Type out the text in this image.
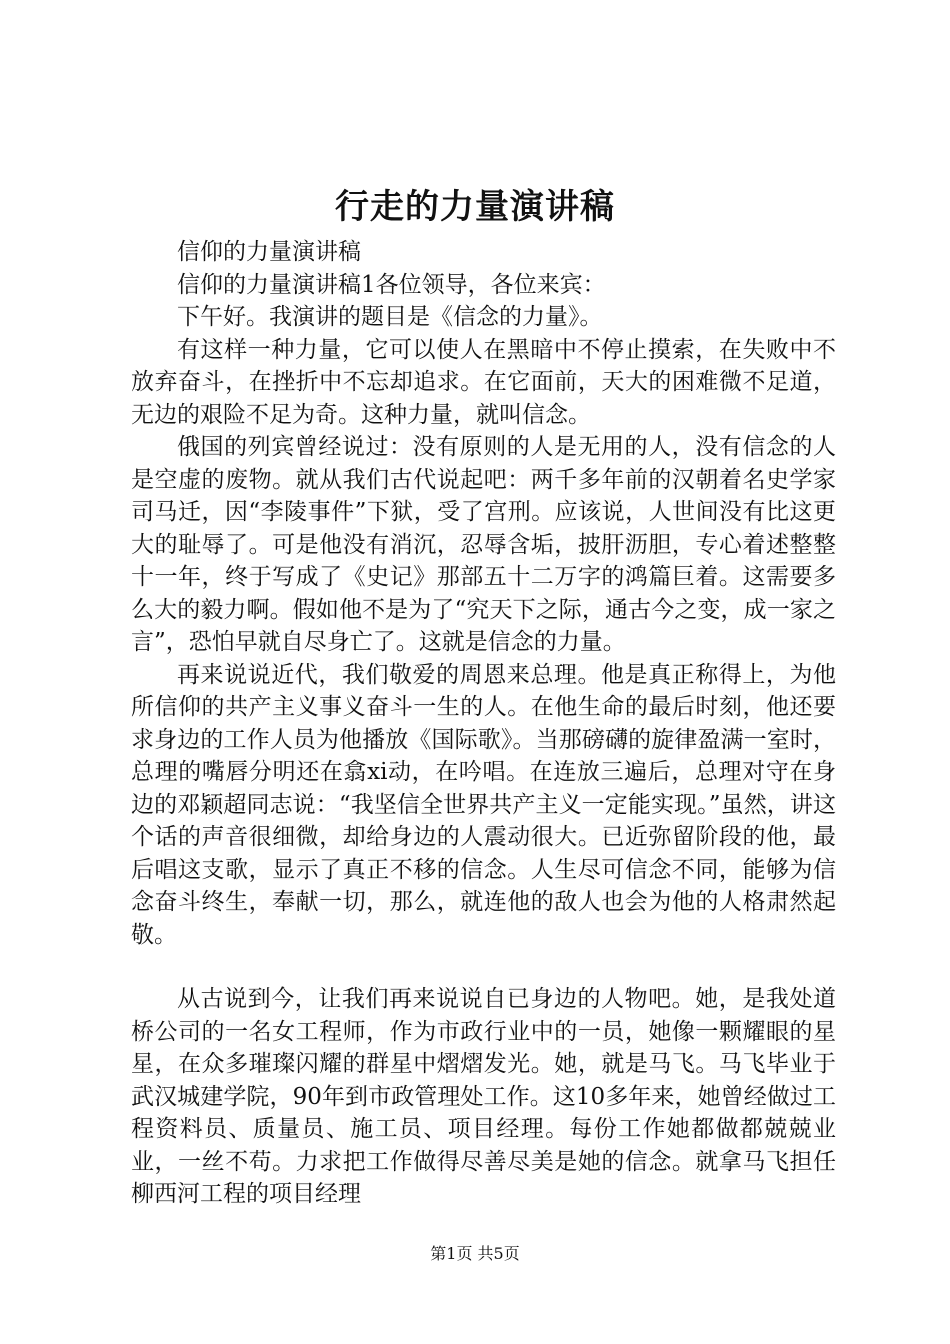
行走的力量演讲稿

信仰的力量演讲稿

信仰的力量演讲稿1各位领导，各位来宾：

下午好。我演讲的题目是《信念的力量》。

有这样一种力量，它可以使人在黑暗中不停止摸索，在失败中不放弃奋斗，在挫折中不忘却追求。在它面前，天大的困难微不足道，无边的艰险不足为奇。这种力量，就叫信念。

俄国的列宾曾经说过：没有原则的人是无用的人，没有信念的人是空虚的废物。就从我们古代说起吧：两千多年前的汉朝着名史学家司马迁，因“李陵事件”下狱，受了宫刑。应该说，人世间没有比这更大的耻辱了。可是他没有消沉，忍辱含垢，披肝沥胆，专心着述整整十一年，终于写成了《史记》那部五十二万字的鸿篇巨着。这需要多么大的毅力啊。假如他不是为了“究天下之际，通古今之变，成一家之言”，恐怕早就自尽身亡了。这就是信念的力量。

再来说说近代，我们敬爱的周恩来总理。他是真正称得上，为他所信仰的共产主义事义奋斗一生的人。在他生命的最后时刻，他还要求身边的工作人员为他播放《国际歌》。当那磅礴的旋律盈满一室时，总理的嘴唇分明还在翕xi动，在吟唱。在连放三遍后，总理对守在身边的邓颖超同志说：“我坚信全世界共产主义一定能实现。”虽然，讲这个话的声音很细微，却给身边的人震动很大。已近弥留阶段的他，最后唱这支歌，显示了真正不移的信念。人生尽可信念不同，能够为信念奋斗终生，奉献一切，那么，就连他的敌人也会为他的人格肃然起敬。

从古说到今，让我们再来说说自已身边的人物吧。她，是我处道桥公司的一名女工程师，作为市政行业中的一员，她像一颗耀眼的星星，在众多璀璨闪耀的群星中熠熠发光。她，就是马飞。马飞毕业于武汉城建学院，90年到市政管理处工作。这10多年来，她曾经做过工程资料员、质量员、施工员、项目经理。每份工作她都做都兢兢业业，一丝不苟。力求把工作做得尽善尽美是她的信念。就拿马飞担任柳西河工程的项目经理

第1页 共5页
